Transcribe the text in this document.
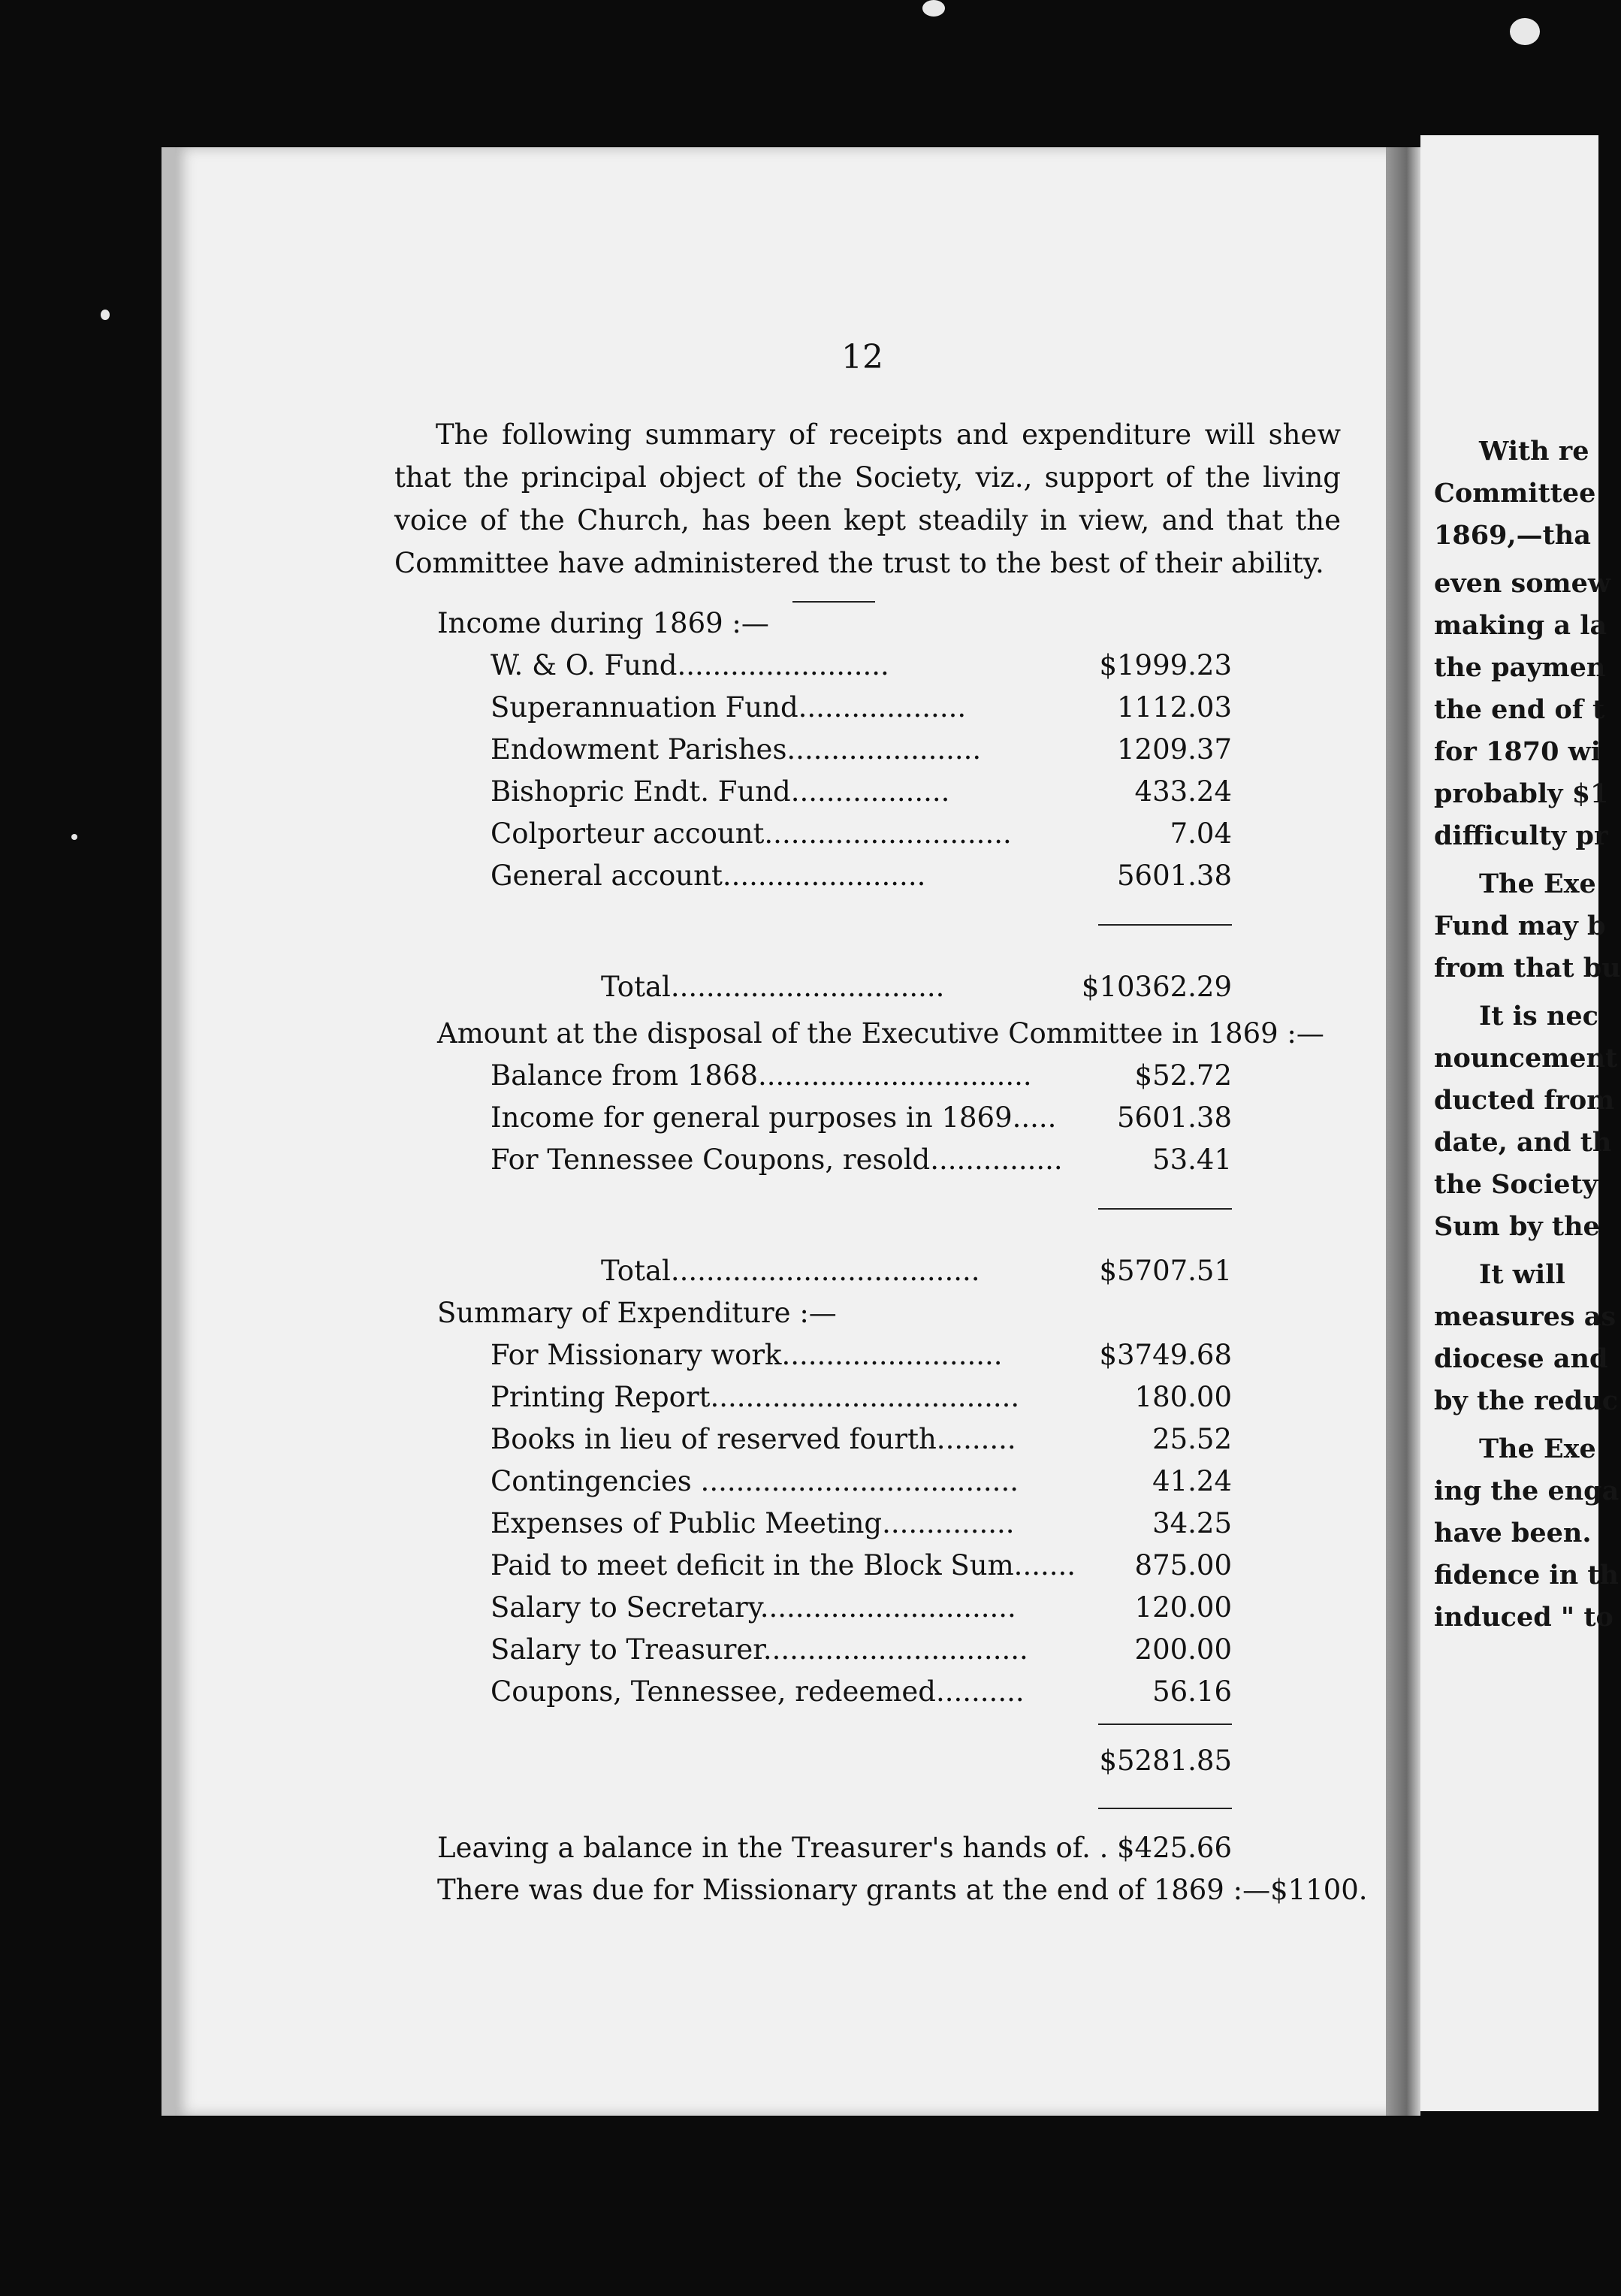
With re
Committee
1869,—tha
even somew
making a la
the paymen
the end of t
for 1870 wi
probably $1
difficulty pr
The Exe
Fund may b
from that bu
It is nec
nouncement
ducted from
date, and th
the Society
Sum by the
It will
measures as
diocese and
by the reduc
The Exe
ing the enga
have been.
fidence in th
induced " to

12

The following summary of receipts and expenditure will shew that the principal object of the Society, viz., support of the living voice of the Church, has been kept steadily in view, and that the Committee have administered the trust to the best of their ability.

Income during 1869 :—
W. & O. Fund........................	$1999.23
Superannuation Fund...................	1112.03
Endowment Parishes......................	1209.37
Bishopric Endt. Fund..................	433.24
Colporteur account............................	7.04
General account.......................	5601.38
Total...............................	$10362.29
Amount at the disposal of the Executive Committee in 1869 :—
Balance from 1868...............................	$52.72
Income for general purposes in 1869.....	5601.38
For Tennessee Coupons, resold...............	53.41
Total...................................	$5707.51
Summary of Expenditure :—
For Missionary work.........................	$3749.68
Printing Report...................................	180.00
Books in lieu of reserved fourth.........	25.52
Contingencies ....................................	41.24
Expenses of Public Meeting...............	34.25
Paid to meet deficit in the Block Sum.......	875.00
Salary to Secretary.............................	120.00
Salary to Treasurer..............................	200.00
Coupons, Tennessee, redeemed..........	56.16
$5281.85
Leaving a balance in the Treasurer's hands of. . $425.66
There was due for Missionary grants at the end of 1869 :—$1100.
